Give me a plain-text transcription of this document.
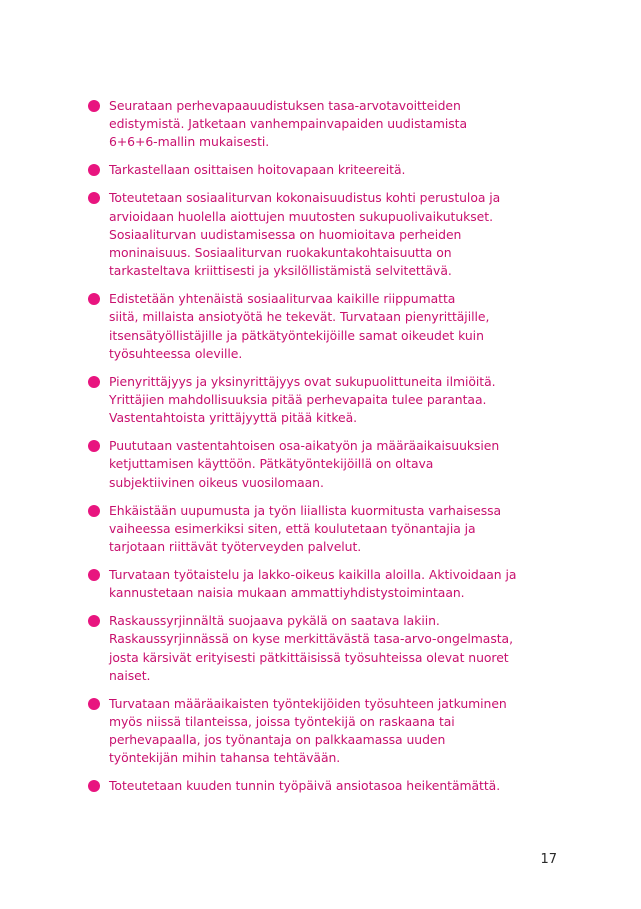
Seurataan perhevapaauudistuksen tasa-arvotavoitteiden
edistymistä. Jatketaan vanhempainvapaiden uudistamista
6+6+6-mallin mukaisesti.
Tarkastellaan osittaisen hoitovapaan kriteereitä.
Toteutetaan sosiaaliturvan kokonaisuudistus kohti perustuloa ja
arvioidaan huolella aiottujen muutosten sukupuolivaikutukset.
Sosiaaliturvan uudistamisessa on huomioitava perheiden
moninaisuus. Sosiaaliturvan ruokakuntakohtaisuutta on
tarkasteltava kriittisesti ja yksilöllistämistä selvitettävä.
Edistetään yhtenäistä sosiaaliturvaa kaikille riippumatta
siitä, millaista ansiotyötä he tekevät. Turvataan pienyrittäjille,
itsensätyöllistäjille ja pätkätyöntekijöille samat oikeudet kuin
työsuhteessa oleville.
Pienyrittäjyys ja yksinyrittäjyys ovat sukupuolittuneita ilmiöitä.
Yrittäjien mahdollisuuksia pitää perhevapaita tulee parantaa.
Vastentahtoista yrittäjyyttä pitää kitkeä.
Puututaan vastentahtoisen osa-aikatyön ja määräaikaisuuksien
ketjuttamisen käyttöön. Pätkätyöntekijöillä on oltava
subjektiivinen oikeus vuosilomaan.
Ehkäistään uupumusta ja työn liiallista kuormitusta varhaisessa
vaiheessa esimerkiksi siten, että koulutetaan työnantajia ja
tarjotaan riittävät työterveyden palvelut.
Turvataan työtaistelu ja lakko-oikeus kaikilla aloilla. Aktivoidaan ja
kannustetaan naisia mukaan ammattiyhdistystoimintaan.
Raskaussyrjinnältä suojaava pykälä on saatava lakiin.
Raskaussyrjinnässä on kyse merkittävästä tasa-arvo-ongelmasta,
josta kärsivät erityisesti pätkittäisissä työsuhteissa olevat nuoret
naiset.
Turvataan määräaikaisten työntekijöiden työsuhteen jatkuminen
myös niissä tilanteissa, joissa työntekijä on raskaana tai
perhevapaalla, jos työnantaja on palkkaamassa uuden
työntekijän mihin tahansa tehtävään.
Toteutetaan kuuden tunnin työpäivä ansiotasoa heikentämättä.
17
